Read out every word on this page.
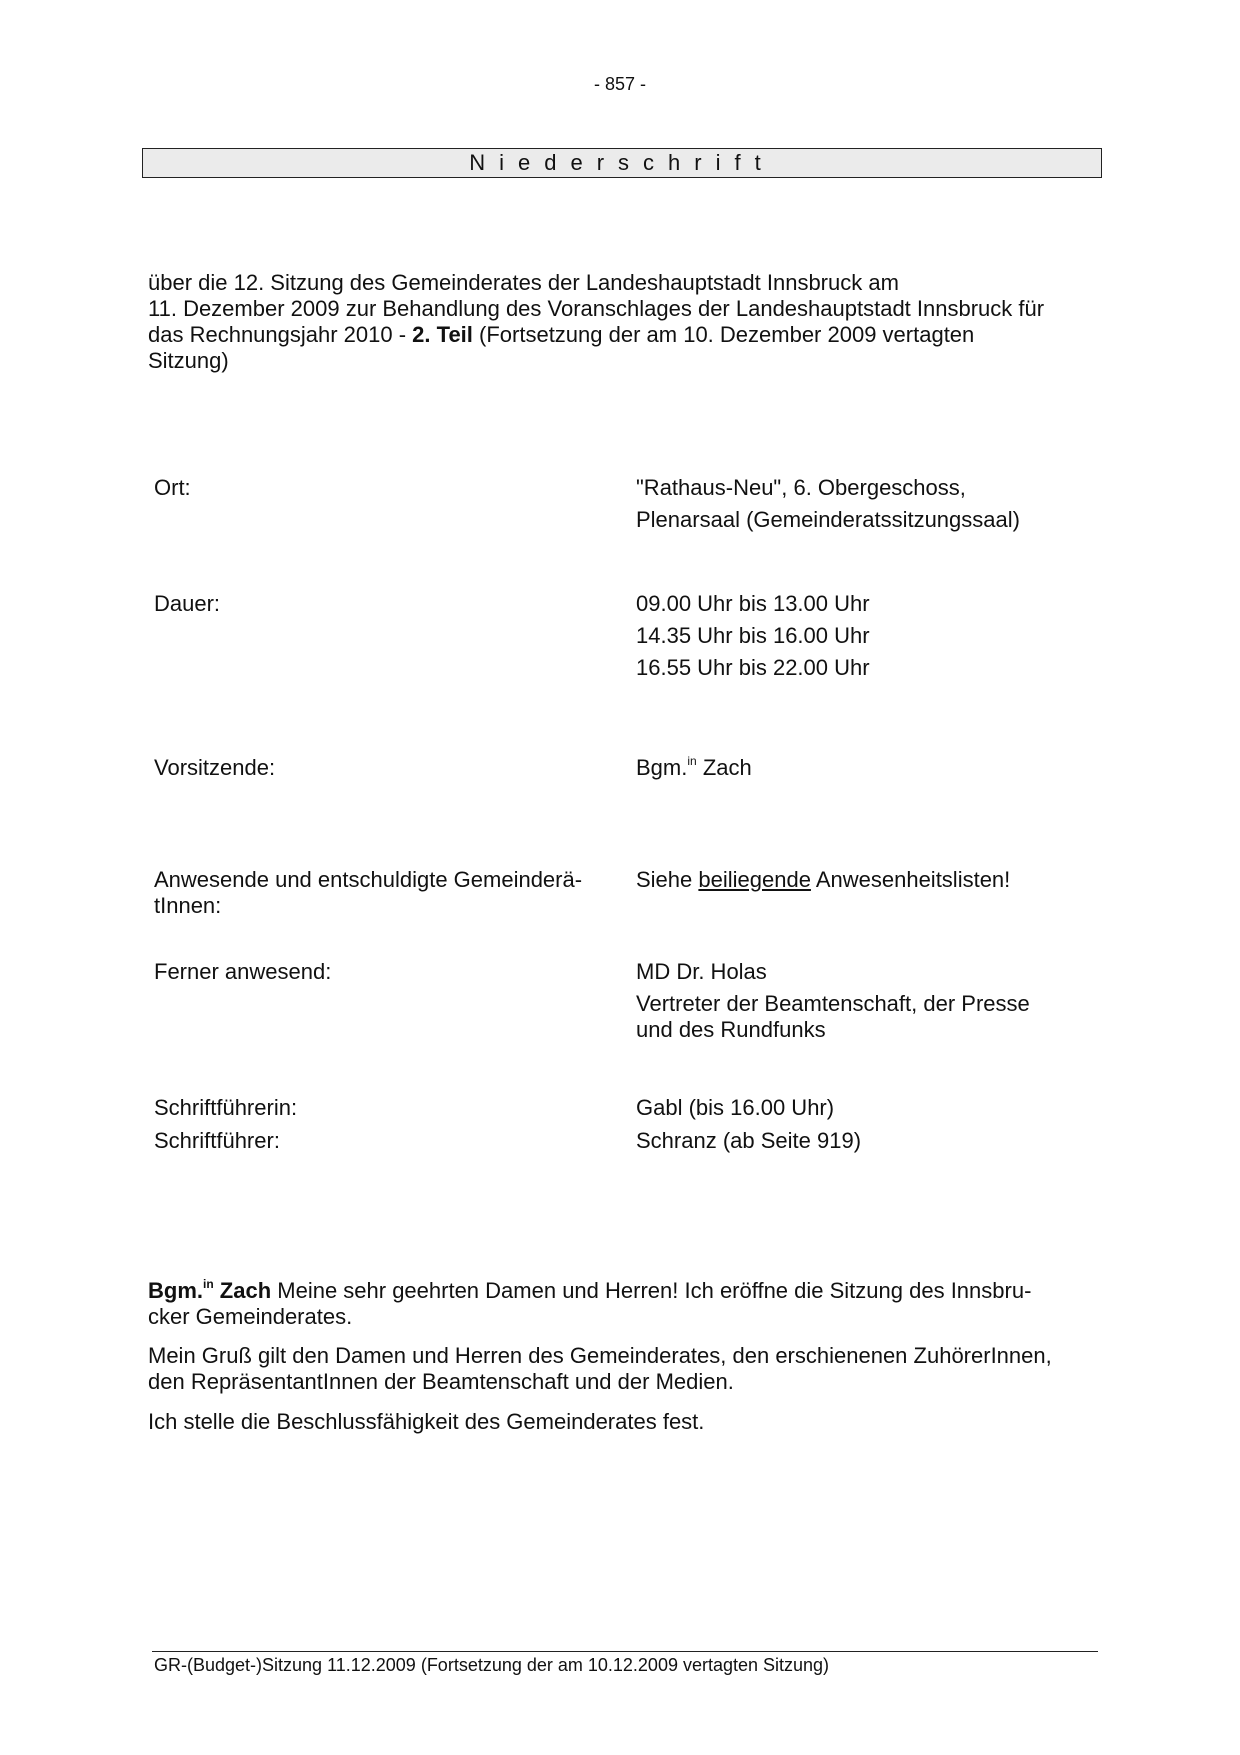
- 857 -
Niederschrift
über die 12. Sitzung des Gemeinderates der Landeshauptstadt Innsbruck am
11. Dezember 2009 zur Behandlung des Voranschlages der Landeshauptstadt Innsbruck für
das Rechnungsjahr 2010 - 2. Teil (Fortsetzung der am 10. Dezember 2009 vertagten
Sitzung)
Ort:	"Rathaus-Neu", 6. Obergeschoss,
Plenarsaal (Gemeinderatssitzungssaal)
Dauer:	09.00 Uhr bis 13.00 Uhr
14.35 Uhr bis 16.00 Uhr
16.55 Uhr bis 22.00 Uhr
Vorsitzende:	Bgm.$^{in}$ Zach
Anwesende und entschuldigte Gemeinderä-
tInnen:
Siehe beiliegende Anwesenheitslisten!
Ferner anwesend:	MD Dr. Holas
Vertreter der Beamtenschaft, der Presse
und des Rundfunks
Schriftführerin:	Gabl (bis 16.00 Uhr)
Schriftführer:	Schranz (ab Seite 919)
Bgm.$^{in}$ Zach Meine sehr geehrten Damen und Herren! Ich eröffne die Sitzung des Innsbru-
cker Gemeinderates.
Mein Gruß gilt den Damen und Herren des Gemeinderates, den erschienenen ZuhörerInnen,
den RepräsentantInnen der Beamtenschaft und der Medien.
Ich stelle die Beschlussfähigkeit des Gemeinderates fest.
GR-(Budget-)Sitzung 11.12.2009 (Fortsetzung der am 10.12.2009 vertagten Sitzung)
